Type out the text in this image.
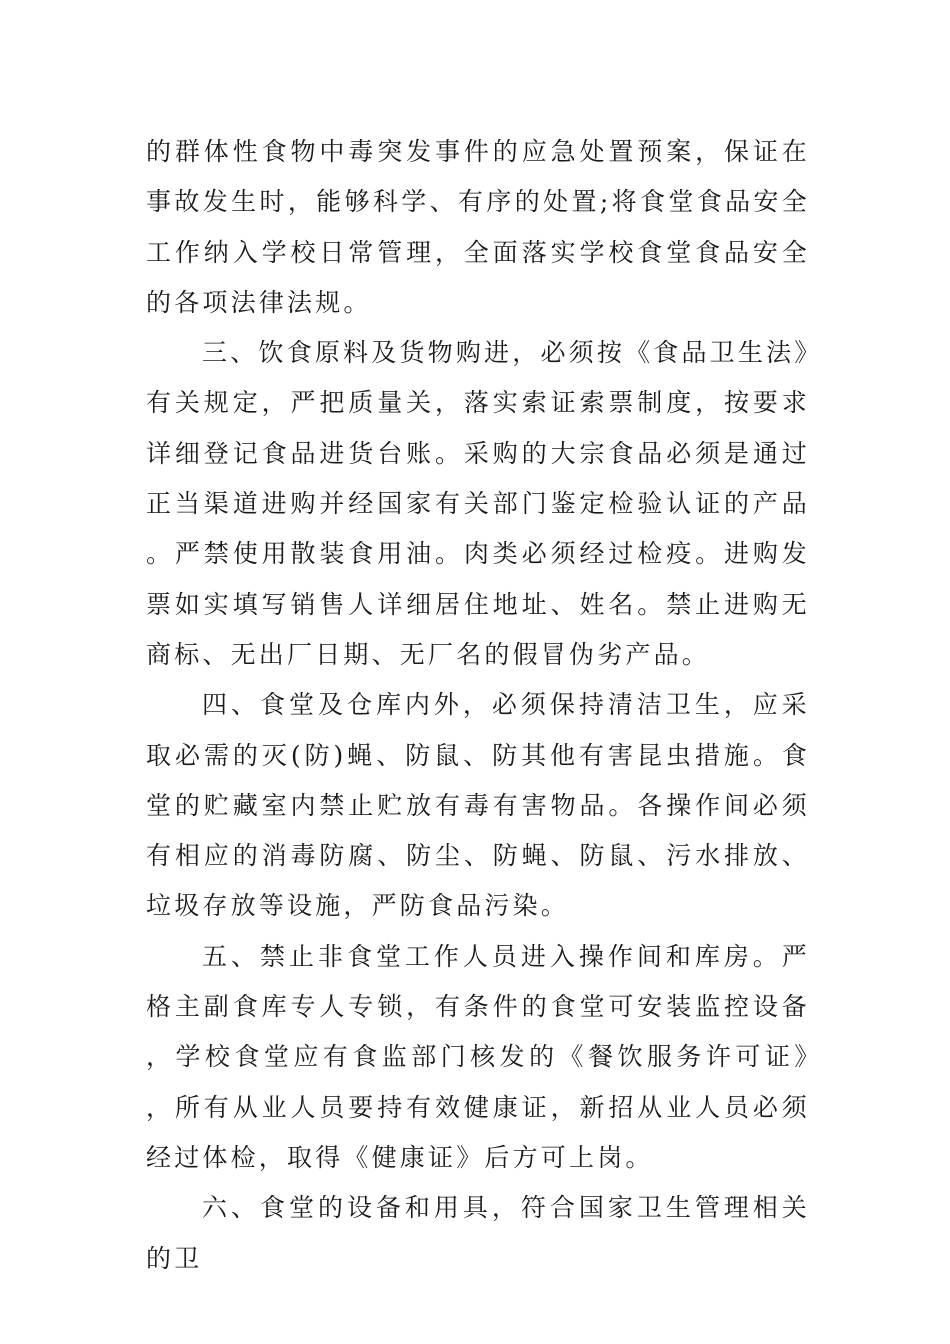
的群体性食物中毒突发事件的应急处置预案，保证在事故发生时，能够科学、有序的处置;将食堂食品安全工作纳入学校日常管理，全面落实学校食堂食品安全的各项法律法规。

三、饮食原料及货物购进，必须按《食品卫生法》有关规定，严把质量关，落实索证索票制度，按要求详细登记食品进货台账。采购的大宗食品必须是通过正当渠道进购并经国家有关部门鉴定检验认证的产品。严禁使用散装食用油。肉类必须经过检疫。进购发票如实填写销售人详细居住地址、姓名。禁止进购无商标、无出厂日期、无厂名的假冒伪劣产品。

四、食堂及仓库内外，必须保持清洁卫生，应采取必需的灭(防)蝇、防鼠、防其他有害昆虫措施。食堂的贮藏室内禁止贮放有毒有害物品。各操作间必须有相应的消毒防腐、防尘、防蝇、防鼠、污水排放、垃圾存放等设施，严防食品污染。

五、禁止非食堂工作人员进入操作间和库房。严格主副食库专人专锁，有条件的食堂可安装监控设备，学校食堂应有食监部门核发的《餐饮服务许可证》，所有从业人员要持有效健康证，新招从业人员必须经过体检，取得《健康证》后方可上岗。

六、食堂的设备和用具，符合国家卫生管理相关的卫
